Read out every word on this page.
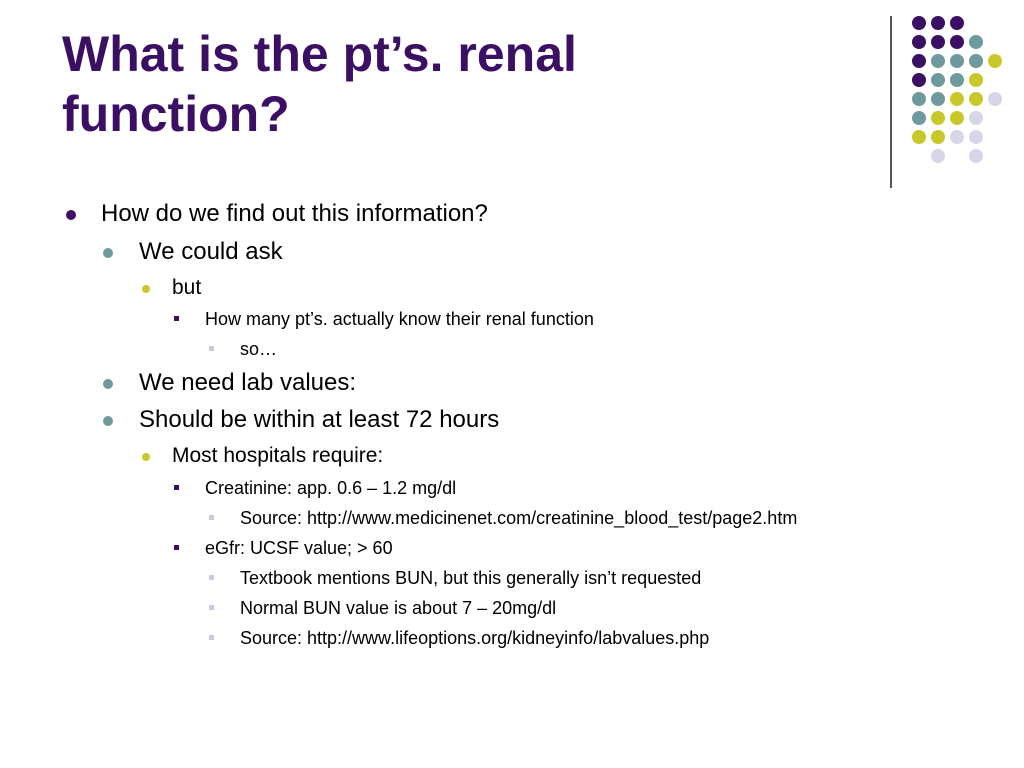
What is the pt’s. renal
function?
How do we find out this information?
We could ask
but
How many pt’s. actually know their renal function
so…
We need lab values:
Should be within at least 72 hours
Most hospitals require:
Creatinine: app. 0.6 – 1.2 mg/dl
Source: http://www.medicinenet.com/creatinine_blood_test/page2.htm
eGfr: UCSF value; > 60
Textbook mentions BUN, but this generally isn’t requested
Normal BUN value is about 7 – 20mg/dl
Source: http://www.lifeoptions.org/kidneyinfo/labvalues.php
